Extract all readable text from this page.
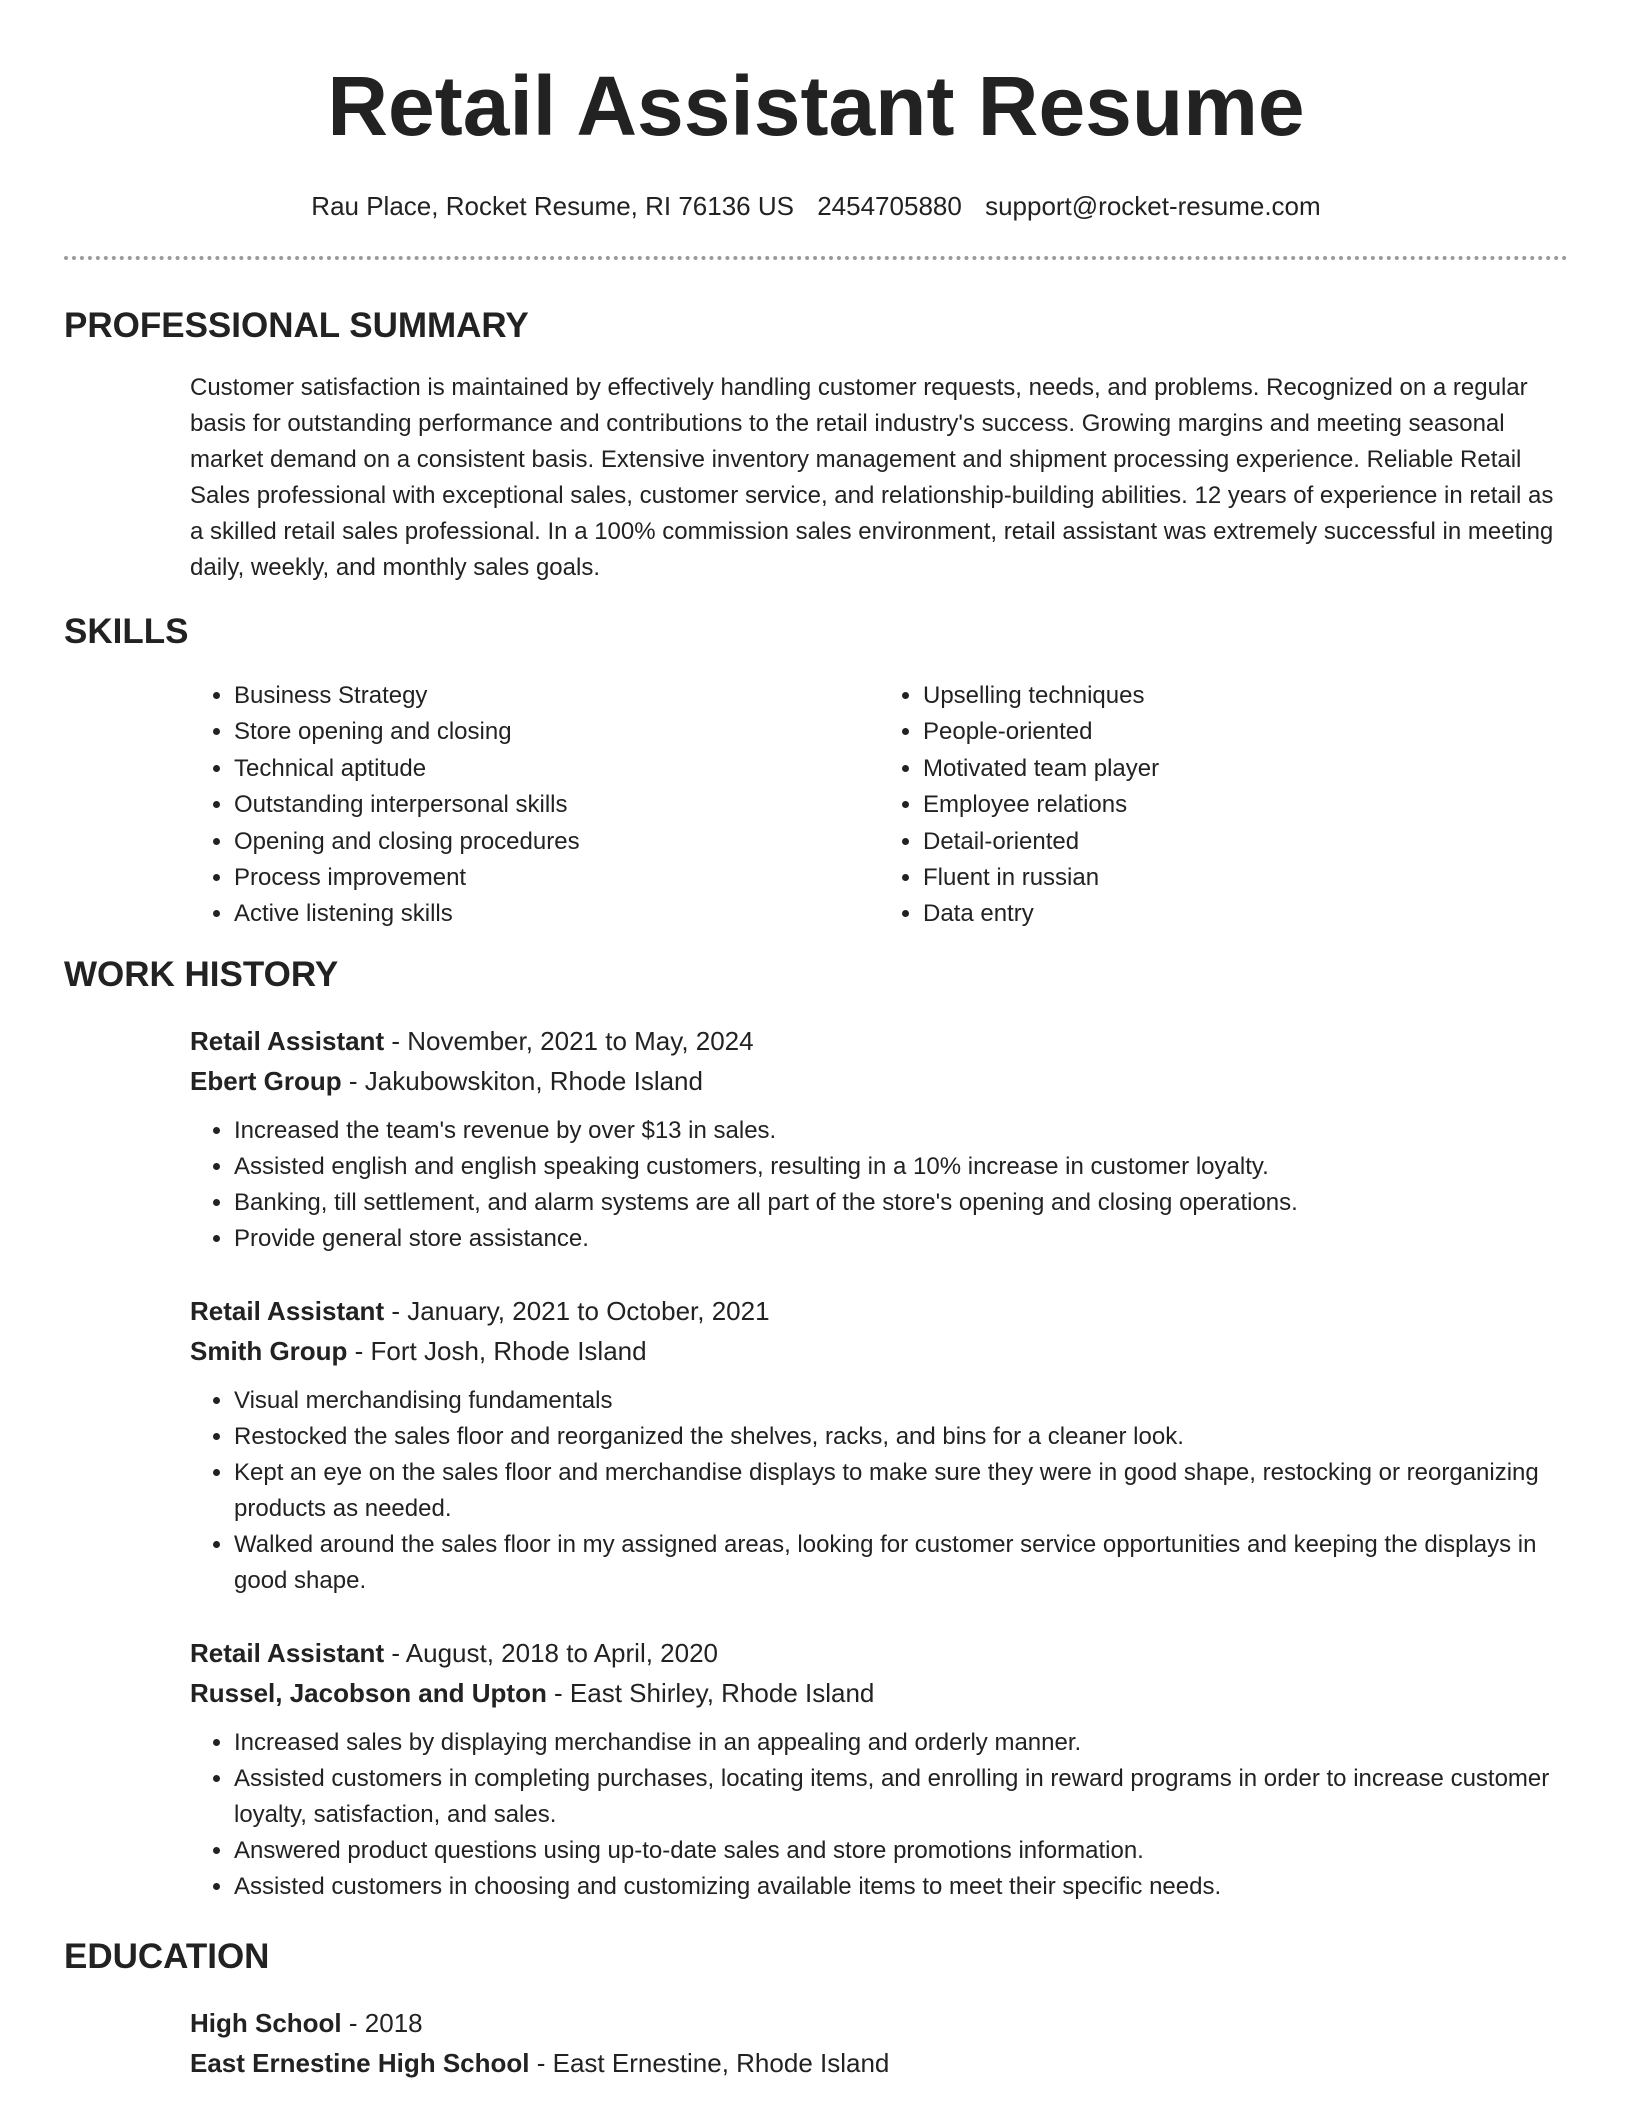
Retail Assistant Resume
Rau Place, Rocket Resume, RI 76136 US 2454705880 support@rocket-resume.com
PROFESSIONAL SUMMARY

Customer satisfaction is maintained by effectively handling customer requests, needs, and problems. Recognized on a regular basis for outstanding performance and contributions to the retail industry's success. Growing margins and meeting seasonal market demand on a consistent basis. Extensive inventory management and shipment processing experience. Reliable Retail Sales professional with exceptional sales, customer service, and relationship-building abilities. 12 years of experience in retail as a skilled retail sales professional. In a 100% commission sales environment, retail assistant was extremely successful in meeting daily, weekly, and monthly sales goals.

SKILLS
• Business Strategy
• Store opening and closing
• Technical aptitude
• Outstanding interpersonal skills
• Opening and closing procedures
• Process improvement
• Active listening skills
• Upselling techniques
• People-oriented
• Motivated team player
• Employee relations
• Detail-oriented
• Fluent in russian
• Data entry
WORK HISTORY
Retail Assistant - November, 2021 to May, 2024
Ebert Group - Jakubowskiton, Rhode Island
• Increased the team's revenue by over $13 in sales.
• Assisted english and english speaking customers, resulting in a 10% increase in customer loyalty.
• Banking, till settlement, and alarm systems are all part of the store's opening and closing operations.
• Provide general store assistance.
Retail Assistant - January, 2021 to October, 2021
Smith Group - Fort Josh, Rhode Island
• Visual merchandising fundamentals
• Restocked the sales floor and reorganized the shelves, racks, and bins for a cleaner look.
• Kept an eye on the sales floor and merchandise displays to make sure they were in good shape, restocking or reorganizing products as needed.
• Walked around the sales floor in my assigned areas, looking for customer service opportunities and keeping the displays in good shape.
Retail Assistant - August, 2018 to April, 2020
Russel, Jacobson and Upton - East Shirley, Rhode Island
• Increased sales by displaying merchandise in an appealing and orderly manner.
• Assisted customers in completing purchases, locating items, and enrolling in reward programs in order to increase customer loyalty, satisfaction, and sales.
• Answered product questions using up-to-date sales and store promotions information.
• Assisted customers in choosing and customizing available items to meet their specific needs.
EDUCATION
High School - 2018
East Ernestine High School - East Ernestine, Rhode Island
